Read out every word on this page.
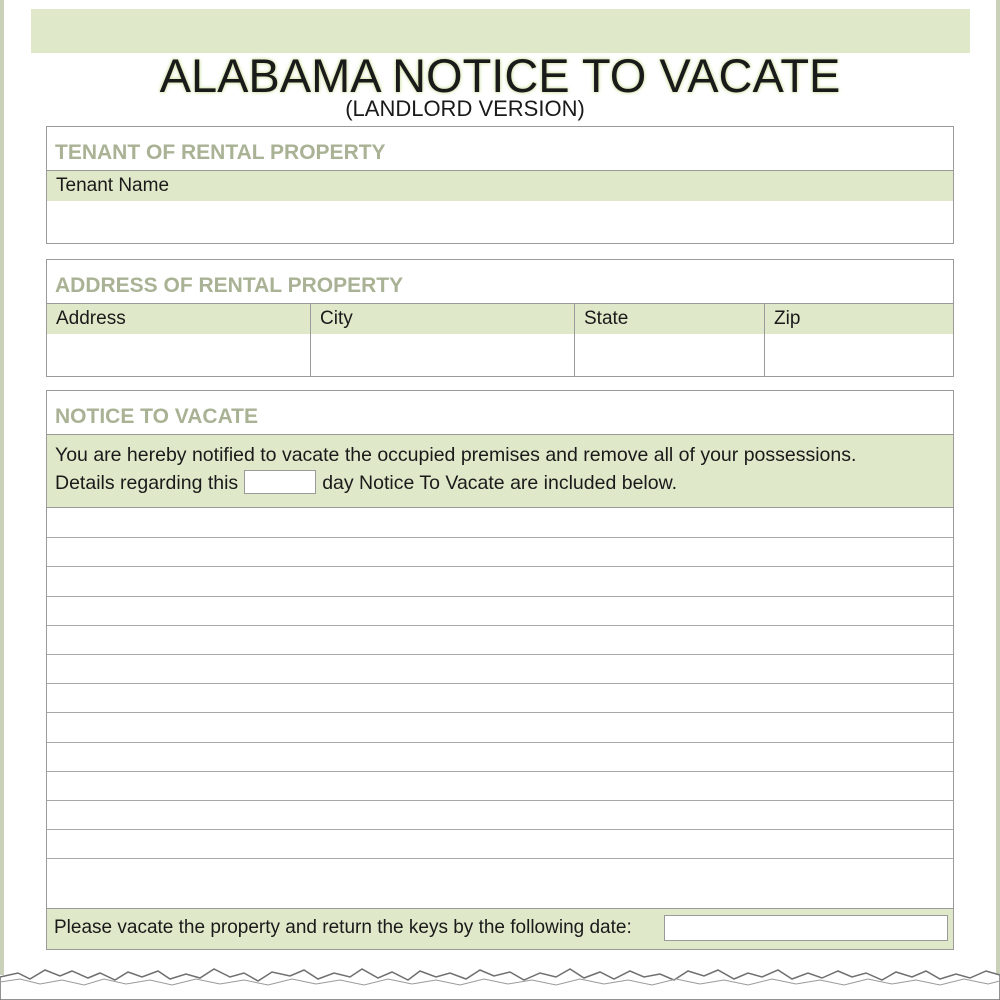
ALABAMA NOTICE TO VACATE
(LANDLORD VERSION)
TENANT OF RENTAL PROPERTY
Tenant Name
ADDRESS OF RENTAL PROPERTY
Address	City	State	Zip
NOTICE TO VACATE
You are hereby notified to vacate the occupied premises and remove all of your possessions.
Details regarding this	day Notice To Vacate are included below.
Please vacate the property and return the keys by the following date:
